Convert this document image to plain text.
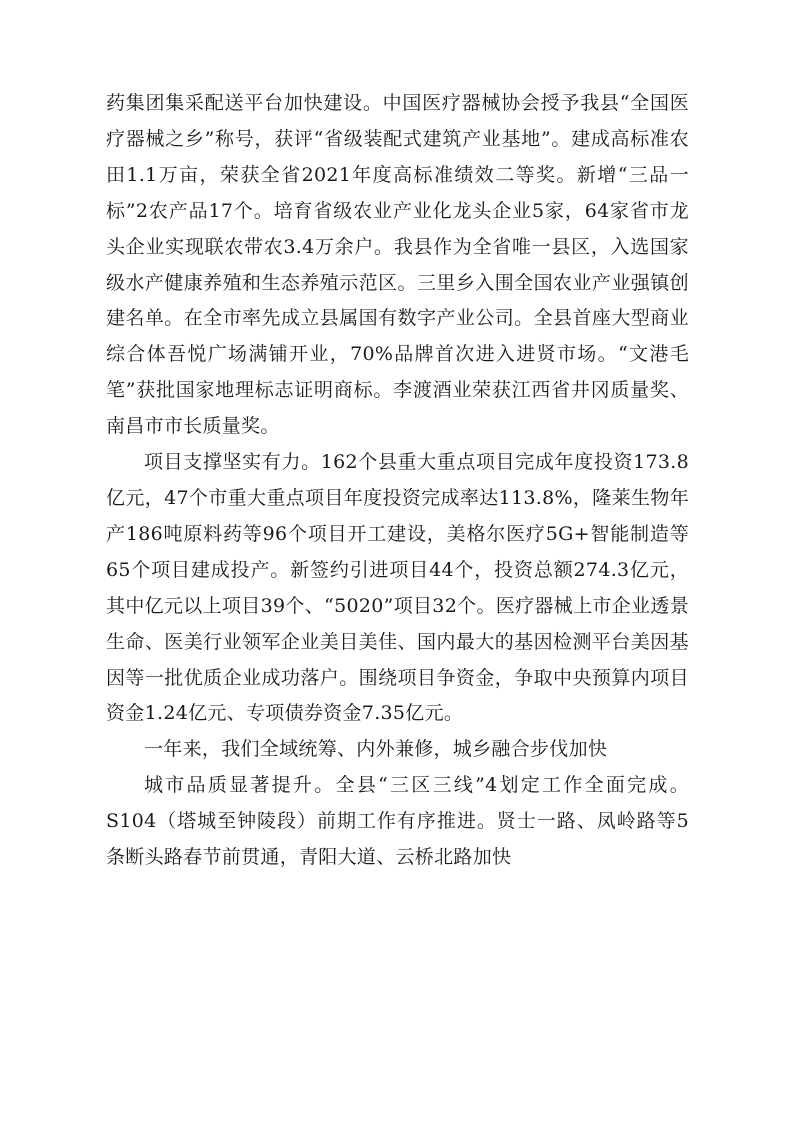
药集团集采配送平台加快建设。中国医疗器械协会授予我县“全国医疗器械之乡”称号，获评“省级装配式建筑产业基地”。建成高标准农田1.1万亩，荣获全省2021年度高标准绩效二等奖。新增“三品一标”2农产品17个。培育省级农业产业化龙头企业5家，64家省市龙头企业实现联农带农3.4万余户。我县作为全省唯一县区，入选国家级水产健康养殖和生态养殖示范区。三里乡入围全国农业产业强镇创建名单。在全市率先成立县属国有数字产业公司。全县首座大型商业综合体吾悦广场满铺开业，70%品牌首次进入进贤市场。“文港毛笔”获批国家地理标志证明商标。李渡酒业荣获江西省井冈质量奖、南昌市市长质量奖。

项目支撑坚实有力。162个县重大重点项目完成年度投资173.8亿元，47个市重大重点项目年度投资完成率达113.8%，隆莱生物年产186吨原料药等96个项目开工建设，美格尔医疗5G+智能制造等65个项目建成投产。新签约引进项目44个，投资总额274.3亿元，其中亿元以上项目39个、“5020”项目32个。医疗器械上市企业透景生命、医美行业领军企业美目美佳、国内最大的基因检测平台美因基因等一批优质企业成功落户。围绕项目争资金，争取中央预算内项目资金1.24亿元、专项债券资金7.35亿元。

一年来，我们全域统筹、内外兼修，城乡融合步伐加快

城市品质显著提升。全县“三区三线”4划定工作全面完成。S104（塔城至钟陵段）前期工作有序推进。贤士一路、凤岭路等5条断头路春节前贯通，青阳大道、云桥北路加快
